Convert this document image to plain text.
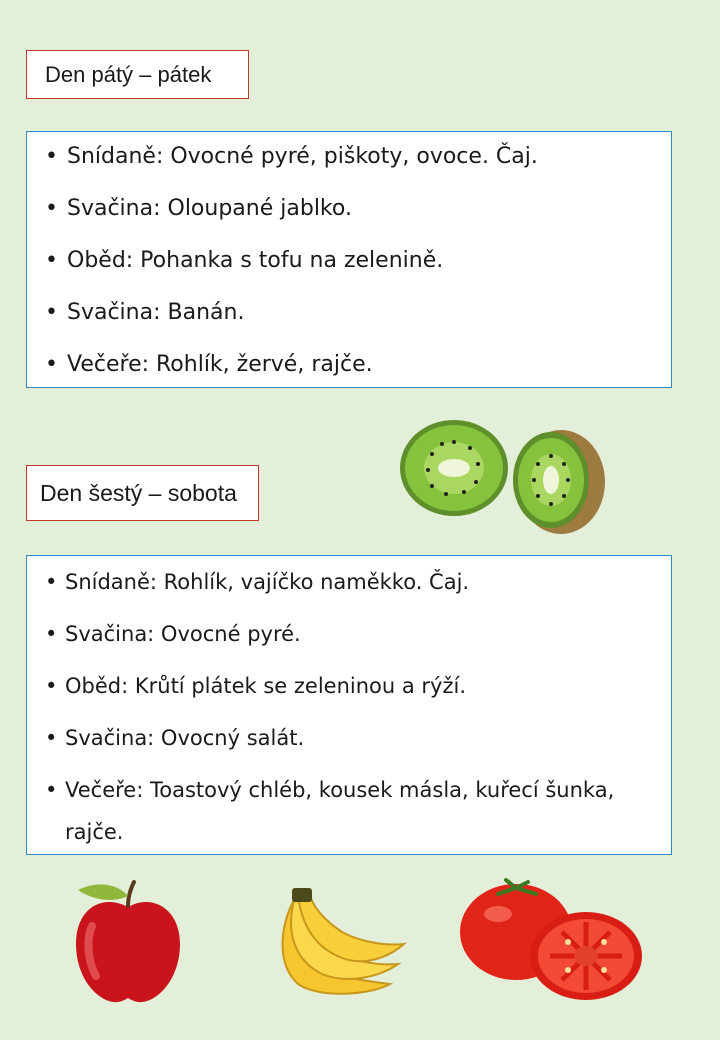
Den pátý – pátek
• Snídaně: Ovocné pyré, piškoty, ovoce. Čaj.
• Svačina: Oloupané jablko.
• Oběd: Pohanka s tofu na zelenině.
• Svačina: Banán.
• Večeře: Rohlík, žervé, rajče.
Den šestý – sobota
• Snídaně: Rohlík, vajíčko naměkko. Čaj.
• Svačina: Ovocné pyré.
• Oběd: Krůtí plátek se zeleninou a rýží.
• Svačina: Ovocný salát.
• Večeře: Toastový chléb, kousek másla, kuřecí šunka, rajče.
